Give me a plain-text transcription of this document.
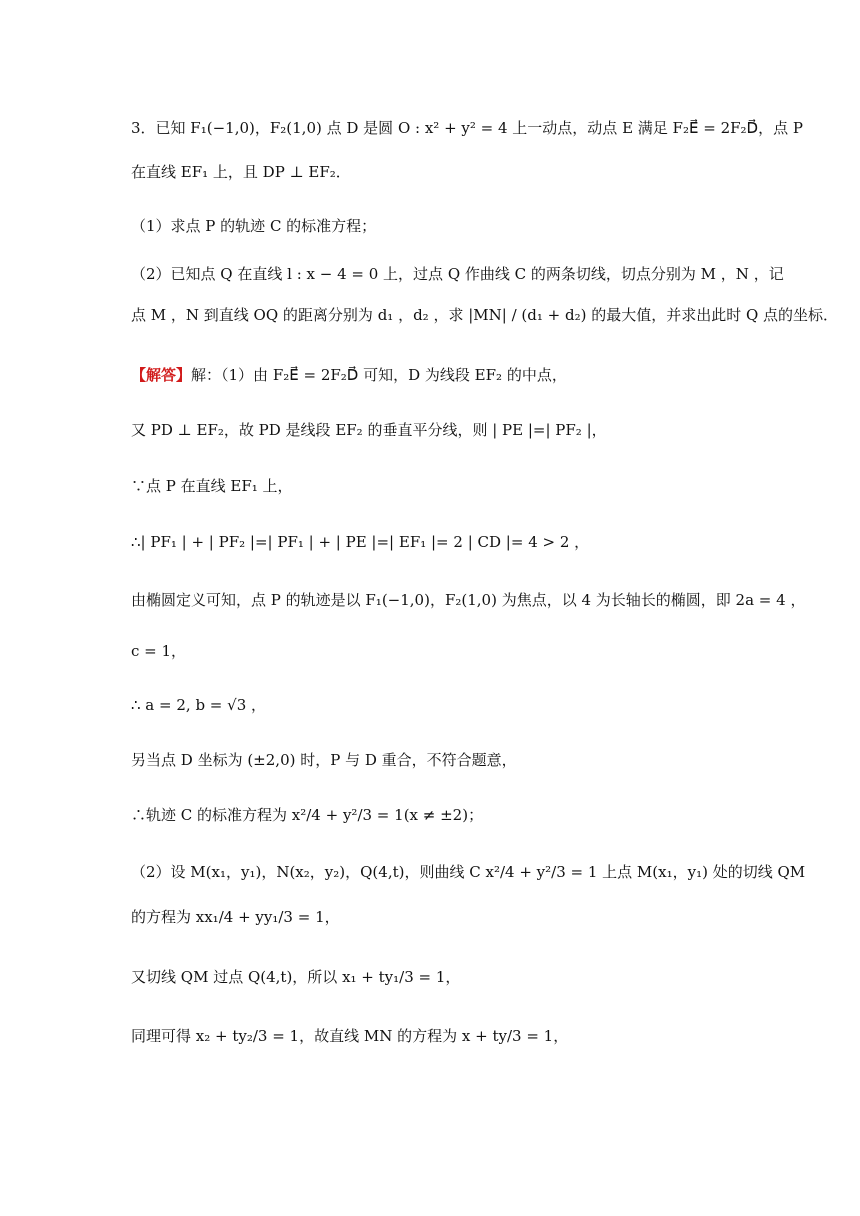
3．已知 F₁(−1,0)，F₂(1,0) 点 D 是圆 O : x² + y² = 4 上一动点，动点 E 满足 F₂E⃗ = 2F₂D⃗，点 P
在直线 EF₁ 上，且 DP ⊥ EF₂．
（1）求点 P 的轨迹 C 的标准方程；
（2）已知点 Q 在直线 l : x − 4 = 0 上，过点 Q 作曲线 C 的两条切线，切点分别为 M ，N ，记
点 M ，N 到直线 OQ 的距离分别为 d₁ ，d₂ ，求 |MN| / (d₁ + d₂) 的最大值，并求出此时 Q 点的坐标．
【解答】解：（1）由 F₂E⃗ = 2F₂D⃗ 可知，D 为线段 EF₂ 的中点，
又 PD ⊥ EF₂，故 PD 是线段 EF₂ 的垂直平分线，则 | PE |=| PF₂ |，
∵点 P 在直线 EF₁ 上，
∴| PF₁ | + | PF₂ |=| PF₁ | + | PE |=| EF₁ |= 2 | CD |= 4 > 2 ，
由椭圆定义可知，点 P 的轨迹是以 F₁(−1,0)，F₂(1,0) 为焦点，以 4 为长轴长的椭圆，即 2a = 4 ，
c = 1，
∴ a = 2, b = √3 ，
另当点 D 坐标为 (±2,0) 时，P 与 D 重合，不符合题意，
∴轨迹 C 的标准方程为 x²/4 + y²/3 = 1(x ≠ ±2)；
（2）设 M(x₁，y₁)，N(x₂，y₂)，Q(4,t)，则曲线 C x²/4 + y²/3 = 1 上点 M(x₁，y₁) 处的切线 QM
的方程为 xx₁/4 + yy₁/3 = 1，
又切线 QM 过点 Q(4,t)，所以 x₁ + ty₁/3 = 1，
同理可得 x₂ + ty₂/3 = 1，故直线 MN 的方程为 x + ty/3 = 1，
